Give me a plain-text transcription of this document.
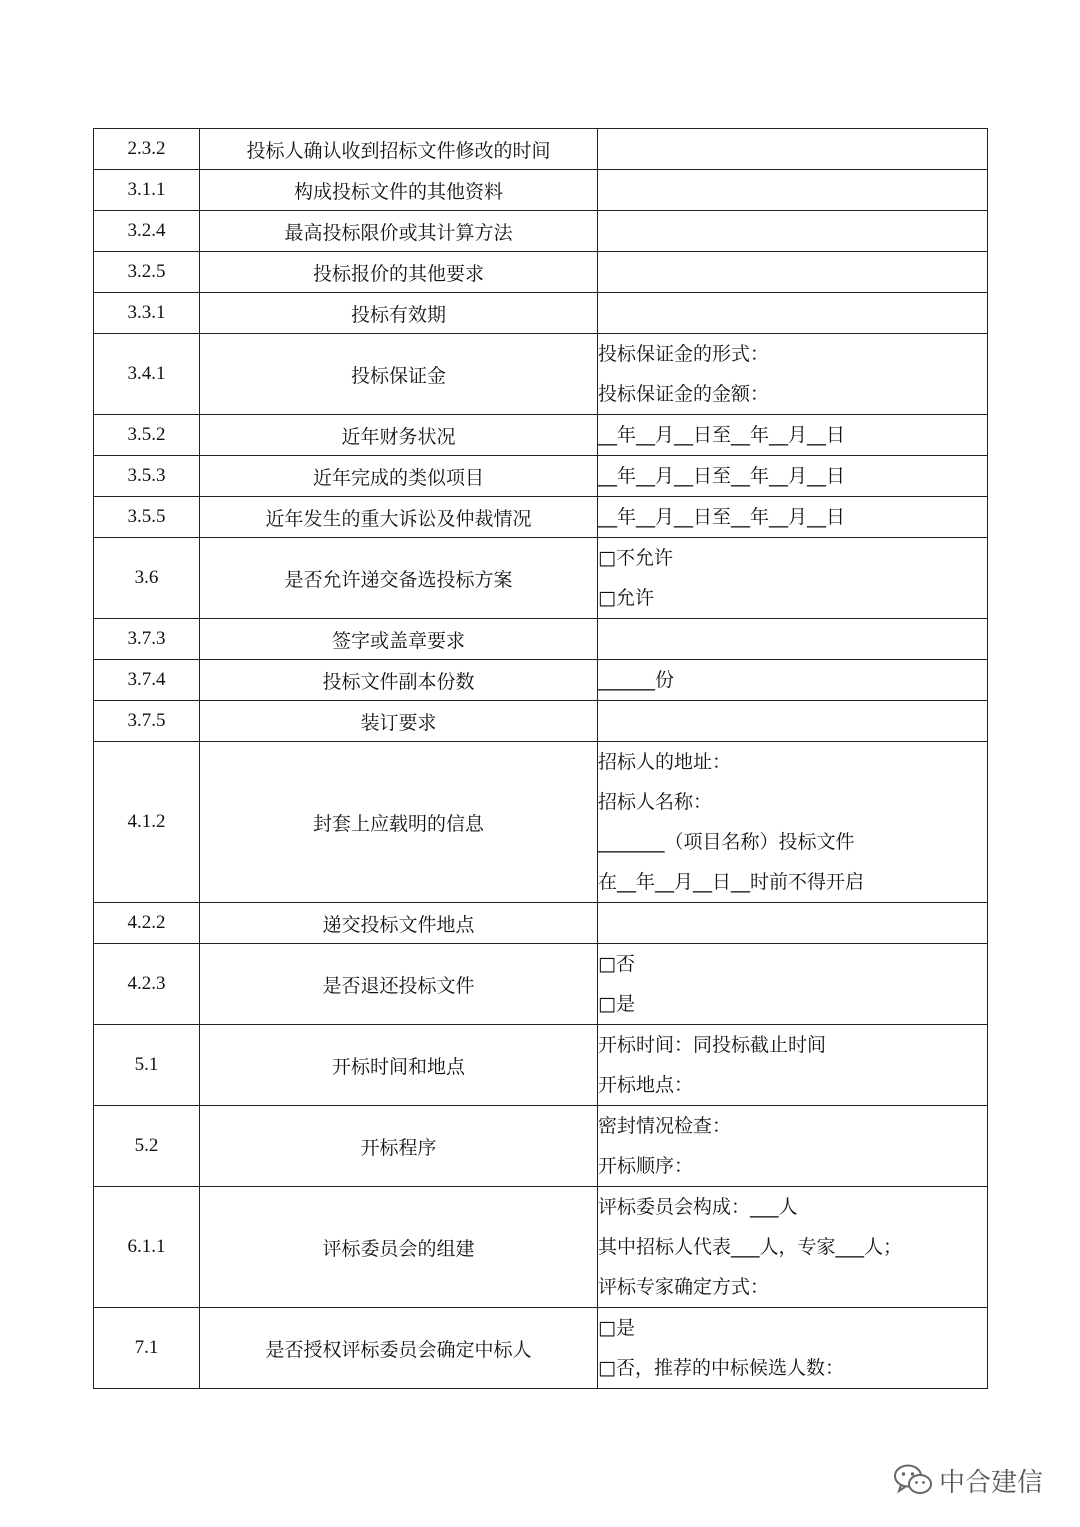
2.3.2	投标人确认收到招标文件修改的时间	
3.1.1	构成投标文件的其他资料	
3.2.4	最高投标限价或其计算方法	
3.2.5	投标报价的其他要求	
3.3.1	投标有效期	
3.4.1	投标保证金	投标保证金的形式：
投标保证金的金额：

3.5.2	近年财务状况	__年__月__日至__年__月__日

3.5.3	近年完成的类似项目	__年__月__日至__年__月__日

3.5.5	近年发生的重大诉讼及仲裁情况	__年__月__日至__年__月__日

3.6	是否允许递交备选投标方案	□不允许
□允许

3.7.3	签字或盖章要求	
3.7.4	投标文件副本份数	______份

3.7.5	装订要求	
4.1.2	封套上应载明的信息	招标人的地址：
招标人名称：
_______（项目名称）投标文件
在__年__月__日__时前不得开启

4.2.2	递交投标文件地点	
4.2.3	是否退还投标文件	□否
□是

5.1	开标时间和地点	开标时间：同投标截止时间
开标地点：

5.2	开标程序	密封情况检查：
开标顺序：

6.1.1	评标委员会的组建	评标委员会构成：___人
其中招标人代表___人，专家___人；
评标专家确定方式：

7.1	是否授权评标委员会确定中标人	□是
□否，推荐的中标候选人数：
中合建信
